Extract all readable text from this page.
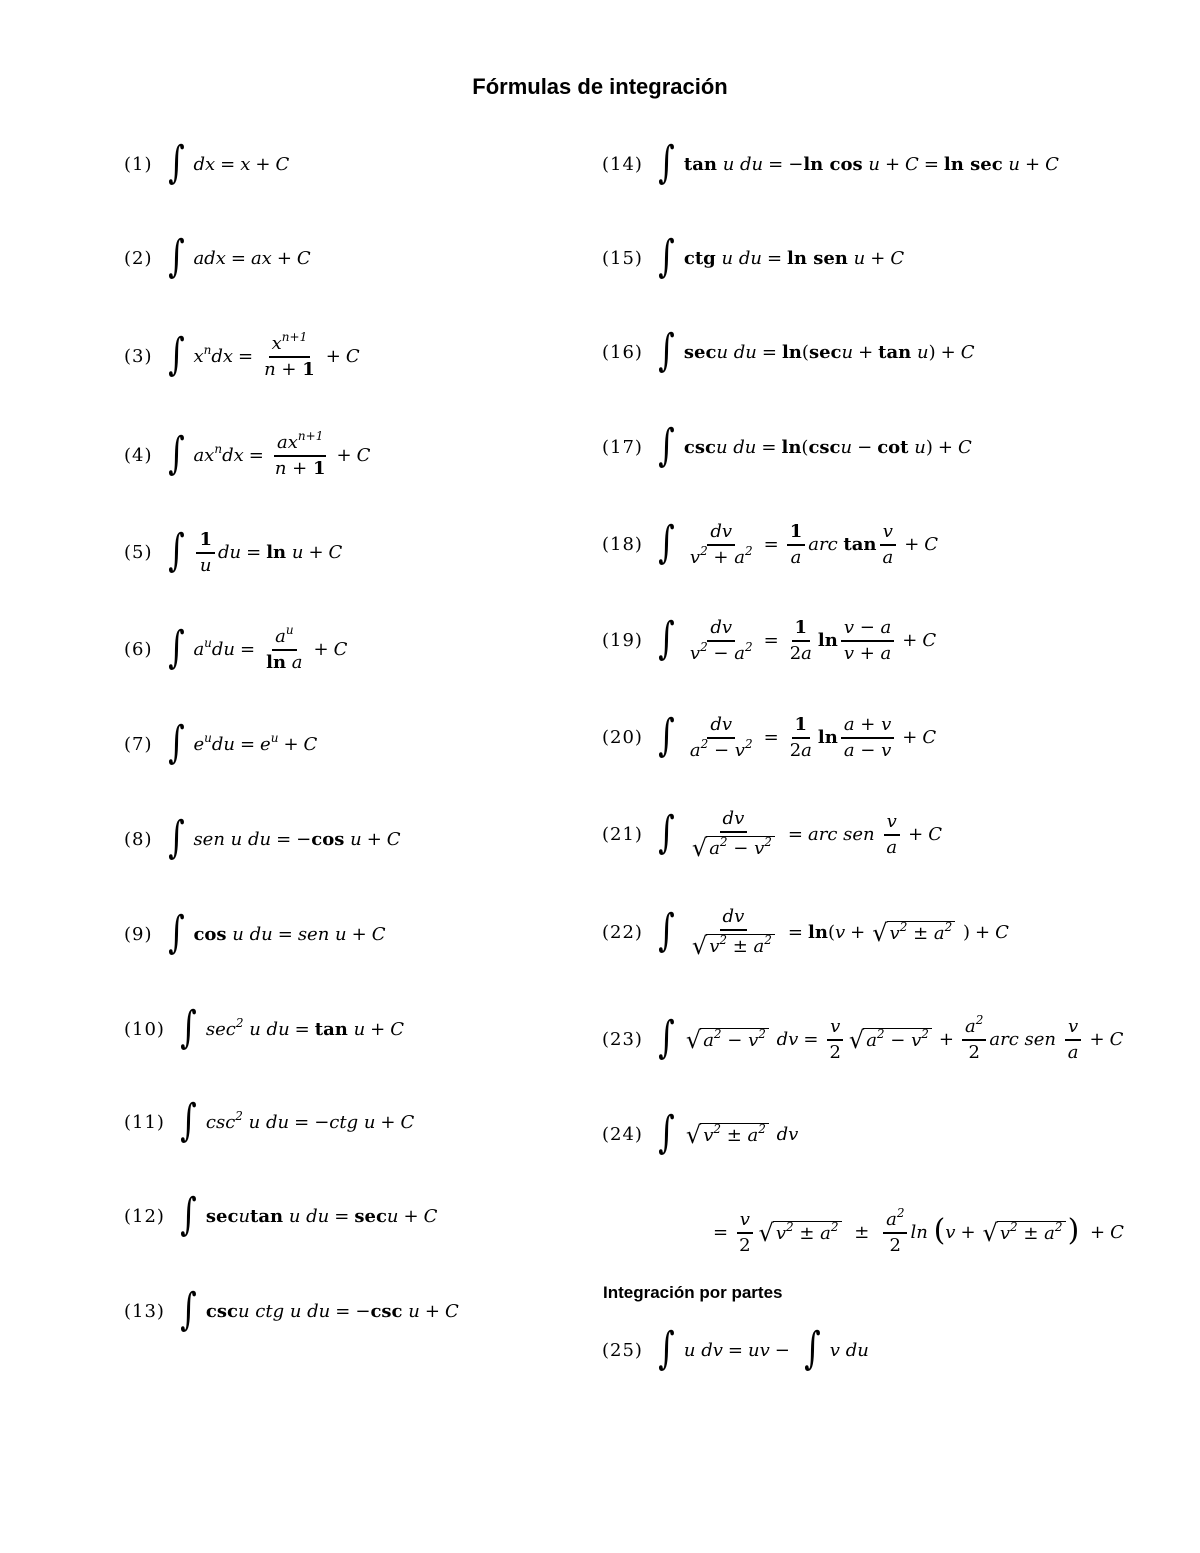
Fórmulas de integración
(1) ∫ dx = x + C
(2) ∫ adx = ax + C
(3) ∫ $x^ndx = \frac{x^{n+1}}{n + 1} + C$
(4) ∫ $ax^ndx = \frac{ax^{n+1}}{n + 1} + C$
(5) ∫ $\frac{1}{u}$ du = ln
u + C
(6) ∫ $a^udu = \frac{a^u}{\text{ln a}} + C$
(7) ∫ $e^udu = e^u + C$
(8) ∫ sen u du = − cos
u + C
(9) ∫ cos
u du = sen u + C
(10) ∫ $\sec^2 u$ du = tan
u + C
(11) ∫ $\csc^2 u$ du = −ctg u + C
(12) ∫ sec u tan
u du = sec u + C
(13) ∫ csc u ctg u du = − csc
u + C
(14) ∫ tan
u du = − ln cos
u + C = ln sec
u + C
(15) ∫ ctg
u du = ln sen
u + C
(16) ∫ sec u du = ln ( sec u + tan
u ) + C
(17) ∫ csc u du = ln ( csc u − cot
u ) + C
(18) ∫ $\frac{dv}{v^2 + a^2} = \frac{1}{a}$ arc
$\tan \frac{v}{a} + C$
(19) ∫ $\frac{dv}{v^2 - a^2} = \frac{1}{2a}$ $\ln \frac{v - a}{v + a} + C$
(20) ∫ $\frac{dv}{a^2 - v^2} = \frac{1}{2a}$ $\ln \frac{a + v}{a - v} + C$
(21) ∫ $\frac{dv}{√ a^2 - v^2}$ = arc sen
$\frac{v}{a} + C$
(22) ∫ $\frac{dv}{√ v^2 \pm a^2} = \ln$ ( v + √ $v^2 \pm a^2$ ) + C
(23) ∫ √ $a^2 - v^2$
dv = $\frac{v}{2}$ √ $a^2 - v^2 + \frac{a^2}{2}$ arc sen
$\frac{v}{a} + C$
(24) ∫ √ $v^2 \pm a^2$
dv
= $\frac{v}{2}$ √ $v^2 \pm a^2 \pm \frac{a^2}{2}$ ln
( v + √ $v^2 \pm a^2$ ) + C
Integración por partes
(25) ∫ u dv = uv − ∫ v du
